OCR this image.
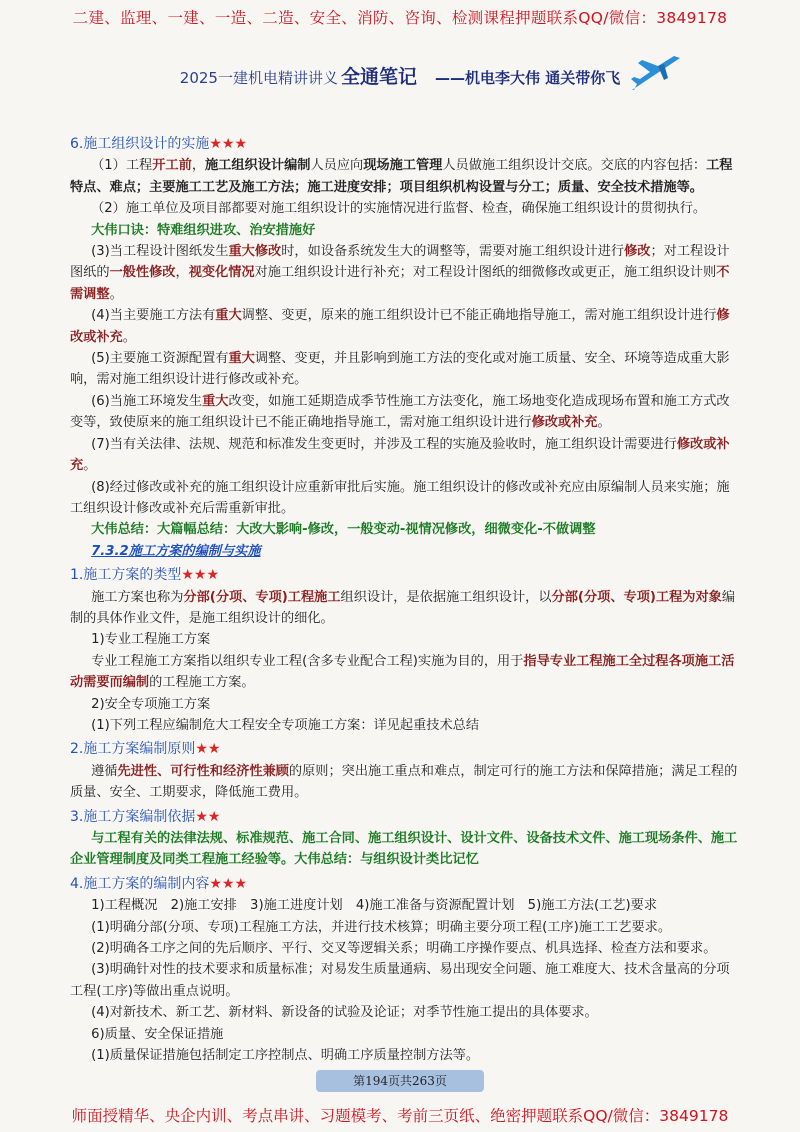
二建、监理、一建、一造、二造、安全、消防、咨询、检测课程押题联系QQ/微信：3849178
2025一建机电精讲讲义 全通笔记 ——机电李大伟 通关带你飞

6.施工组织设计的实施★★★

（1）工程开工前，施工组织设计编制人员应向现场施工管理人员做施工组织设计交底。交底的内容包括：工程特点、难点；主要施工工艺及施工方法；施工进度安排；项目组织机构设置与分工；质量、安全技术措施等。

（2）施工单位及项目部都要对施工组织设计的实施情况进行监督、检查，确保施工组织设计的贯彻执行。

大伟口诀：特难组织进攻、治安措施好

(3)当工程设计图纸发生重大修改时，如设备系统发生大的调整等，需要对施工组织设计进行修改；对工程设计图纸的一般性修改，视变化情况对施工组织设计进行补充；对工程设计图纸的细微修改或更正，施工组织设计则不需调整。

(4)当主要施工方法有重大调整、变更，原来的施工组织设计已不能正确地指导施工，需对施工组织设计进行修改或补充。

(5)主要施工资源配置有重大调整、变更，并且影响到施工方法的变化或对施工质量、安全、环境等造成重大影响，需对施工组织设计进行修改或补充。

(6)当施工环境发生重大改变，如施工延期造成季节性施工方法变化，施工场地变化造成现场布置和施工方式改变等，致使原来的施工组织设计已不能正确地指导施工，需对施工组织设计进行修改或补充。

(7)当有关法律、法规、规范和标准发生变更时，并涉及工程的实施及验收时，施工组织设计需要进行修改或补充。

(8)经过修改或补充的施工组织设计应重新审批后实施。施工组织设计的修改或补充应由原编制人员来实施；施工组织设计修改或补充后需重新审批。

大伟总结：大篇幅总结：大改大影响-修改，一般变动-视情况修改，细微变化-不做调整

7.3.2施工方案的编制与实施

1.施工方案的类型★★★

施工方案也称为分部(分项、专项)工程施工组织设计，是依据施工组织设计，以分部(分项、专项)工程为对象编制的具体作业文件，是施工组织设计的细化。

1)专业工程施工方案

专业工程施工方案指以组织专业工程(含多专业配合工程)实施为目的，用于指导专业工程施工全过程各项施工活动需要而编制的工程施工方案。

2)安全专项施工方案

(1)下列工程应编制危大工程安全专项施工方案：详见起重技术总结

2.施工方案编制原则★★

遵循先进性、可行性和经济性兼顾的原则；突出施工重点和难点，制定可行的施工方法和保障措施；满足工程的质量、安全、工期要求，降低施工费用。

3.施工方案编制依据★★

与工程有关的法律法规、标准规范、施工合同、施工组织设计、设计文件、设备技术文件、施工现场条件、施工企业管理制度及同类工程施工经验等。大伟总结：与组织设计类比记忆

4.施工方案的编制内容★★★

1)工程概况　2)施工安排　3)施工进度计划　4)施工准备与资源配置计划　5)施工方法(工艺)要求

(1)明确分部(分项、专项)工程施工方法，并进行技术核算；明确主要分项工程(工序)施工工艺要求。

(2)明确各工序之间的先后顺序、平行、交叉等逻辑关系；明确工序操作要点、机具选择、检查方法和要求。

(3)明确针对性的技术要求和质量标准；对易发生质量通病、易出现安全问题、施工难度大、技术含量高的分项工程(工序)等做出重点说明。

(4)对新技术、新工艺、新材料、新设备的试验及论证；对季节性施工提出的具体要求。

6)质量、安全保证措施

(1)质量保证措施包括制定工序控制点、明确工序质量控制方法等。

第194页共263页
师面授精华、央企内训、考点串讲、习题模考、考前三页纸、绝密押题联系QQ/微信：3849178
